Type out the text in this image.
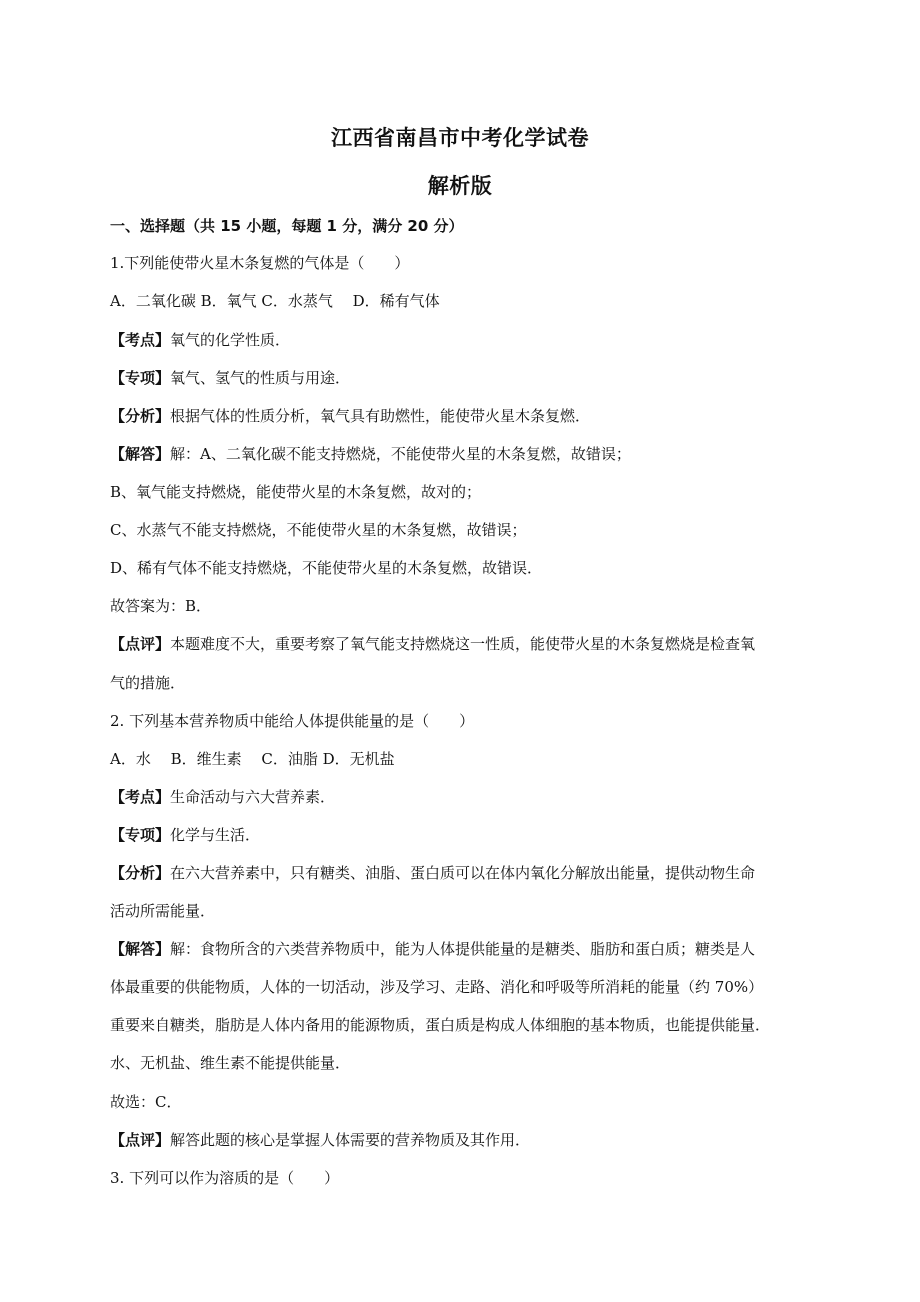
江西省南昌市中考化学试卷
解析版
一、选择题（共 15 小题，每题 1 分，满分 20 分）
1.下列能使带火星木条复燃的气体是（　　）
A．二氧化碳 B．氧气 C．水蒸气　 D．稀有气体
【考点】氧气的化学性质．
【专项】氧气、氢气的性质与用途．
【分析】根据气体的性质分析，氧气具有助燃性，能使带火星木条复燃．
【解答】解：A、二氧化碳不能支持燃烧，不能使带火星的木条复燃，故错误；
B、氧气能支持燃烧，能使带火星的木条复燃，故对的；
C、水蒸气不能支持燃烧，不能使带火星的木条复燃，故错误；
D、稀有气体不能支持燃烧，不能使带火星的木条复燃，故错误．
故答案为：B．
【点评】本题难度不大，重要考察了氧气能支持燃烧这一性质，能使带火星的木条复燃烧是检查氧
气的措施．
2. 下列基本营养物质中能给人体提供能量的是（　　）
A．水　 B．维生素　 C．油脂 D．无机盐
【考点】生命活动与六大营养素．
【专项】化学与生活．
【分析】在六大营养素中，只有糖类、油脂、蛋白质可以在体内氧化分解放出能量，提供动物生命
活动所需能量．
【解答】解：食物所含的六类营养物质中，能为人体提供能量的是糖类、脂肪和蛋白质；糖类是人
体最重要的供能物质，人体的一切活动，涉及学习、走路、消化和呼吸等所消耗的能量（约 70%）
重要来自糖类，脂肪是人体内备用的能源物质，蛋白质是构成人体细胞的基本物质，也能提供能量．
水、无机盐、维生素不能提供能量．
故选：C．
【点评】解答此题的核心是掌握人体需要的营养物质及其作用．
3. 下列可以作为溶质的是（　　）
